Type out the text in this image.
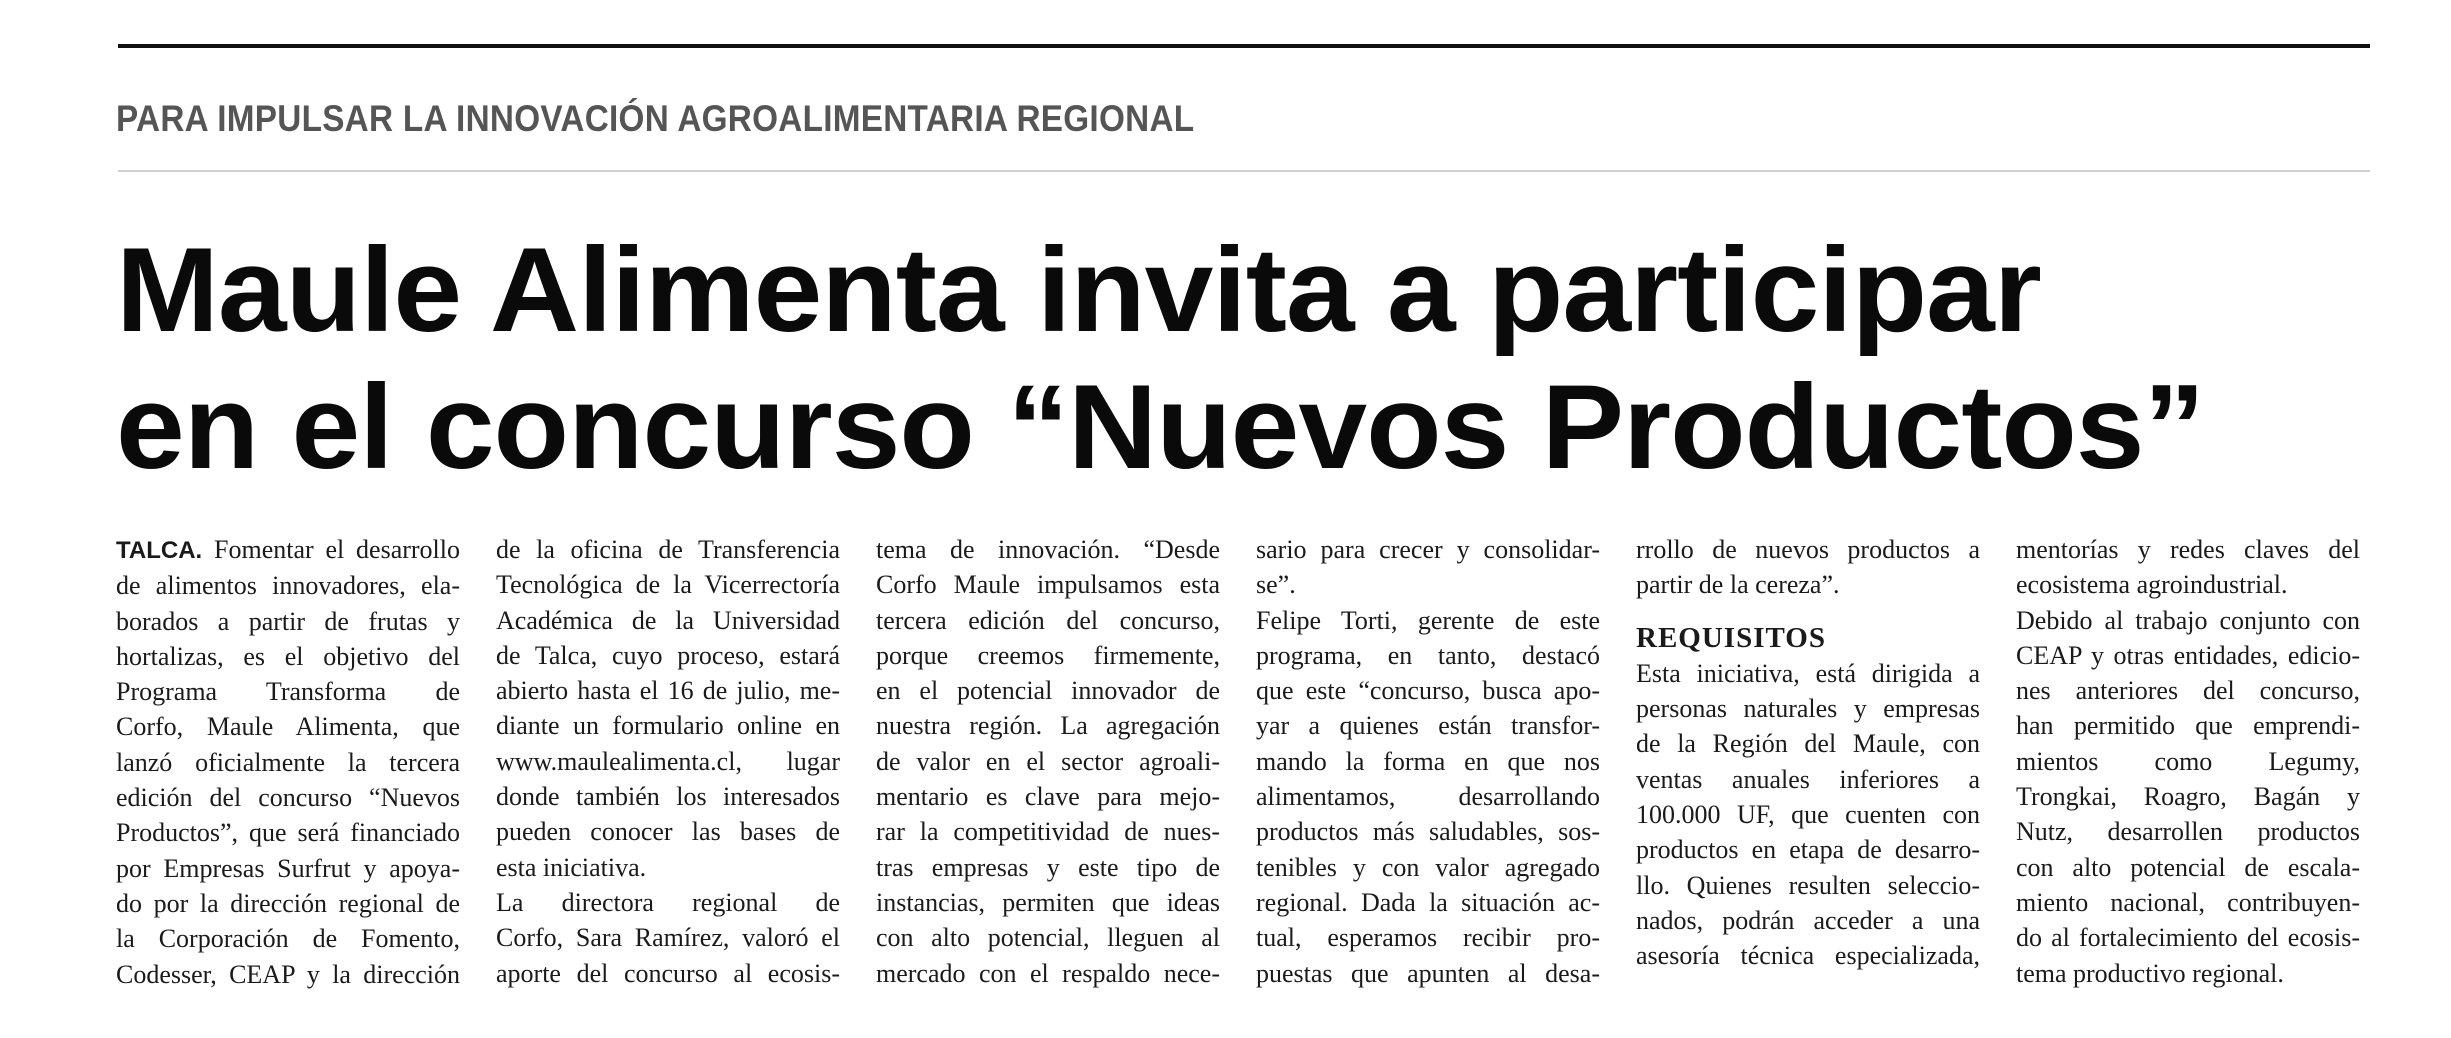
PARA IMPULSAR LA INNOVACIÓN AGROALIMENTARIA REGIONAL
Maule Alimenta invita a participar
en el concurso “Nuevos Productos”
TALCA. Fomentar el desarrollo
de alimentos innovadores, ela-
borados a partir de frutas y
hortalizas, es el objetivo del
Programa Transforma de
Corfo, Maule Alimenta, que
lanzó oficialmente la tercera
edición del concurso “Nuevos
Productos”, que será financiado
por Empresas Surfrut y apoya-
do por la dirección regional de
la Corporación de Fomento,
Codesser, CEAP y la dirección
de la oficina de Transferencia
Tecnológica de la Vicerrectoría
Académica de la Universidad
de Talca, cuyo proceso, estará
abierto hasta el 16 de julio, me-
diante un formulario online en
www.maulealimenta.cl, lugar
donde también los interesados
pueden conocer las bases de
esta iniciativa.
La directora regional de
Corfo, Sara Ramírez, valoró el
aporte del concurso al ecosis-
tema de innovación. “Desde
Corfo Maule impulsamos esta
tercera edición del concurso,
porque creemos firmemente,
en el potencial innovador de
nuestra región. La agregación
de valor en el sector agroali-
mentario es clave para mejo-
rar la competitividad de nues-
tras empresas y este tipo de
instancias, permiten que ideas
con alto potencial, lleguen al
mercado con el respaldo nece-
sario para crecer y consolidar-
se”.
Felipe Torti, gerente de este
programa, en tanto, destacó
que este “concurso, busca apo-
yar a quienes están transfor-
mando la forma en que nos
alimentamos, desarrollando
productos más saludables, sos-
tenibles y con valor agregado
regional. Dada la situación ac-
tual, esperamos recibir pro-
puestas que apunten al desa-
rrollo de nuevos productos a
partir de la cereza”.
REQUISITOS
Esta iniciativa, está dirigida a
personas naturales y empresas
de la Región del Maule, con
ventas anuales inferiores a
100.000 UF, que cuenten con
productos en etapa de desarro-
llo. Quienes resulten seleccio-
nados, podrán acceder a una
asesoría técnica especializada,
mentorías y redes claves del
ecosistema agroindustrial.
Debido al trabajo conjunto con
CEAP y otras entidades, edicio-
nes anteriores del concurso,
han permitido que emprendi-
mientos como Legumy,
Trongkai, Roagro, Bagán y
Nutz, desarrollen productos
con alto potencial de escala-
miento nacional, contribuyen-
do al fortalecimiento del ecosis-
tema productivo regional.
